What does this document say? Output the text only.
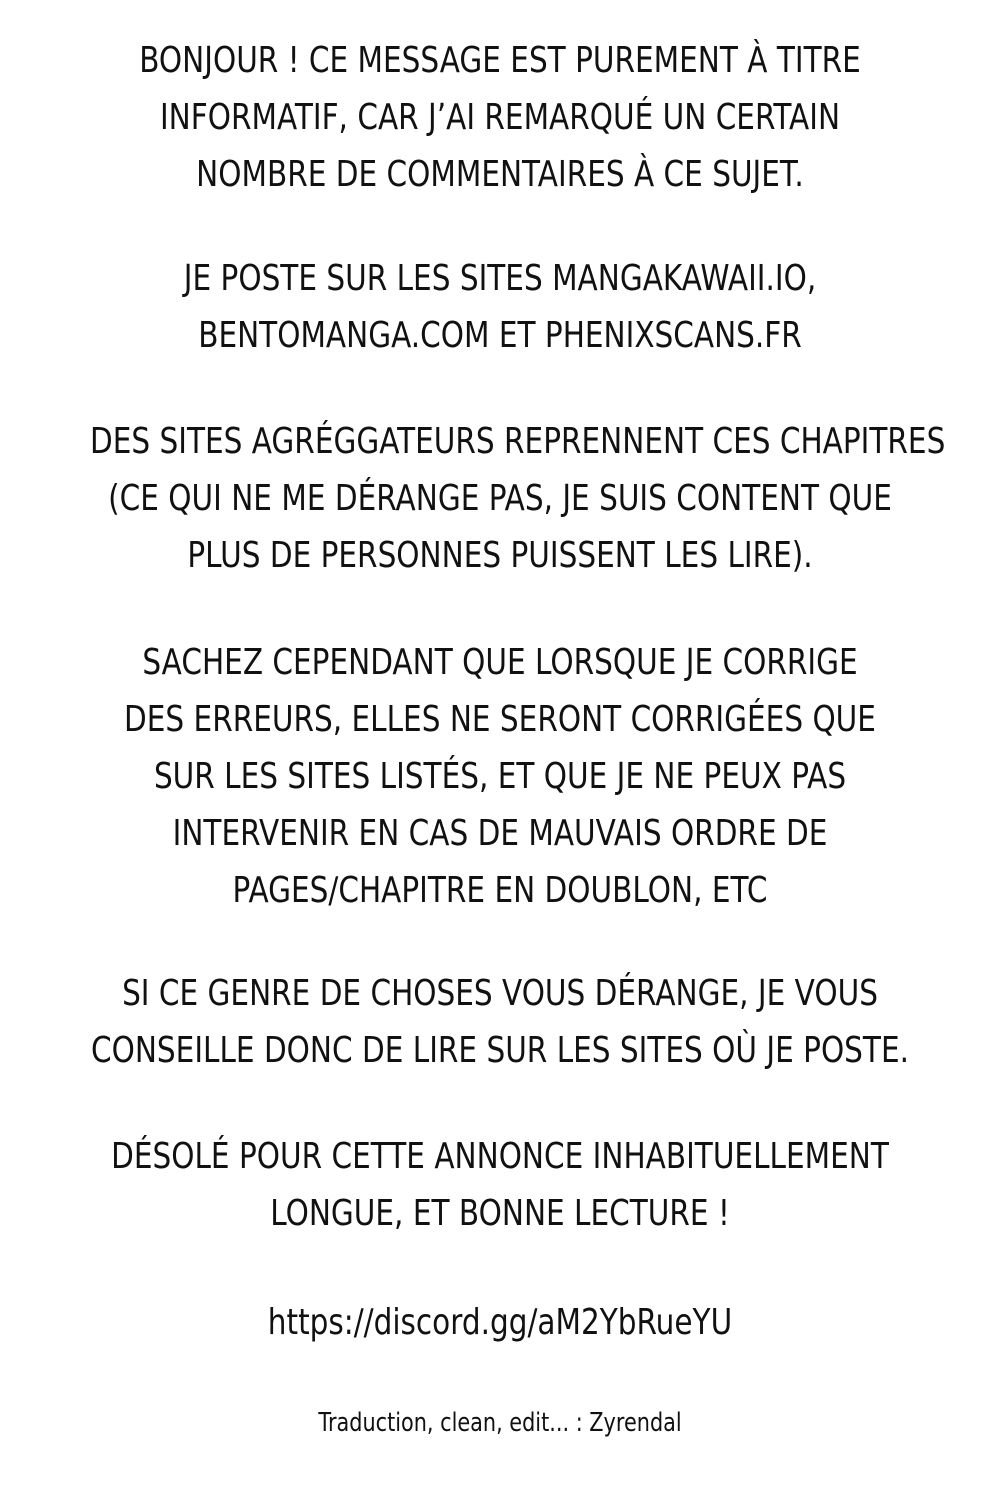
BONJOUR ! CE MESSAGE EST PUREMENT À TITRE
INFORMATIF, CAR J’AI REMARQUÉ UN CERTAIN
NOMBRE DE COMMENTAIRES À CE SUJET.

JE POSTE SUR LES SITES MANGAKAWAII.IO,
BENTOMANGA.COM ET PHENIXSCANS.FR

DES SITES AGRÉGGATEURS REPRENNENT CES CHAPITRES
(CE QUI NE ME DÉRANGE PAS, JE SUIS CONTENT QUE
PLUS DE PERSONNES PUISSENT LES LIRE).

SACHEZ CEPENDANT QUE LORSQUE JE CORRIGE
DES ERREURS, ELLES NE SERONT CORRIGÉES QUE
SUR LES SITES LISTÉS, ET QUE JE NE PEUX PAS
INTERVENIR EN CAS DE MAUVAIS ORDRE DE
PAGES/CHAPITRE EN DOUBLON, ETC

SI CE GENRE DE CHOSES VOUS DÉRANGE, JE VOUS
CONSEILLE DONC DE LIRE SUR LES SITES OÙ JE POSTE.

DÉSOLÉ POUR CETTE ANNONCE INHABITUELLEMENT
LONGUE, ET BONNE LECTURE !

https://discord.gg/aM2YbRueYU

Traduction, clean, edit... : Zyrendal
